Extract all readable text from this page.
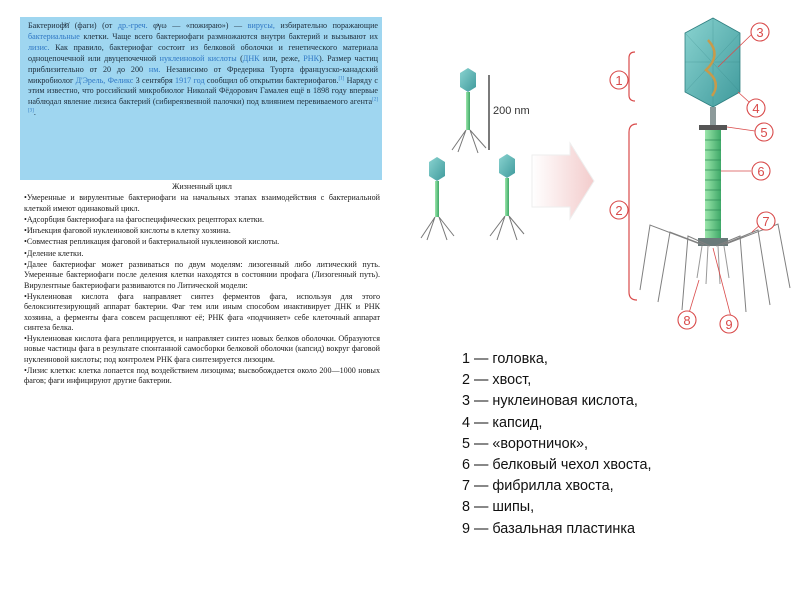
Бактериофи (фаги) (от др.-греч. φγω — «пожираю») — вирусы, избирательно поражающие бактериальные клетки. Чаще всего бактериофаги размножаются внутри бактерий и вызывают их лизис. Как правило, бактериофаг состоит из белковой оболочки и генетического материала одноцепочечной или двуцепочечной нуклеиновой кислоты (ДНК или, реже, РНК). Размер частиц приблизительно от 20 до 200 нм. Независимо от Фредерика Туорта французско-канадский микробиолог Д'Эрель, Феликс 3 сентября 1917 год сообщил об открытии бактериофагов.[1] Наряду с этим известно, что российский микробиолог Николай Фёдорович Гамалея ещё в 1898 году впервые наблюдал явление лизиса бактерий (сибиреязвенной палочки) под влиянием перевиваемого агента[2] [3].
Жизненный цикл

•Умеренные и вирулентные бактериофаги на начальных этапах взаимодействия с бактериальной клеткой имеют одинаковый цикл.

•Адсорбция бактериофага на фагоспецифических рецепторах клетки.

•Инъекция фаговой нуклеиновой кислоты в клетку хозяина.

•Совместная репликация фаговой и бактериальной нуклеиновой кислоты.

•Деление клетки.

•Далее бактериофаг может развиваться по двум моделям: лизогенный либо литический путь. Умеренные бактериофаги после деления клетки находятся в состоянии профага (Лизогенный путь). Вирулентные бактериофаги развиваются по Литической модели:

•Нуклеиновая кислота фага направляет синтез ферментов фага, используя для этого белоксинтезирующий аппарат бактерии. Фаг тем или иным способом инактивирует ДНК и РНК хозяина, а ферменты фага совсем расщепляют её; РНК фага «подчиняет» себе клеточный аппарат синтеза белка.

•Нуклеиновая кислота фага реплицируется, и направляет синтез новых белков оболочки. Образуются новые частицы фага в результате спонтанной самосборки белковой оболочки (капсид) вокруг фаговой нуклеиновой кислоты; под контролем РНК фага синтезируется лизоцим.

•Лизис клетки: клетка лопается под воздействием лизоцима; высвобождается около 200—1000 новых фагов; фаги инфицируют другие бактерии.

200 nm
1
2
3
4
5
6
7
8	9
1 — головка,
2 — хвост,
3 — нуклеиновая кислота,
4 — капсид,
5 — «воротничок»,
6 — белковый чехол хвоста,
7 — фибрилла хвоста,
8 — шипы,
9 — базальная пластинка
